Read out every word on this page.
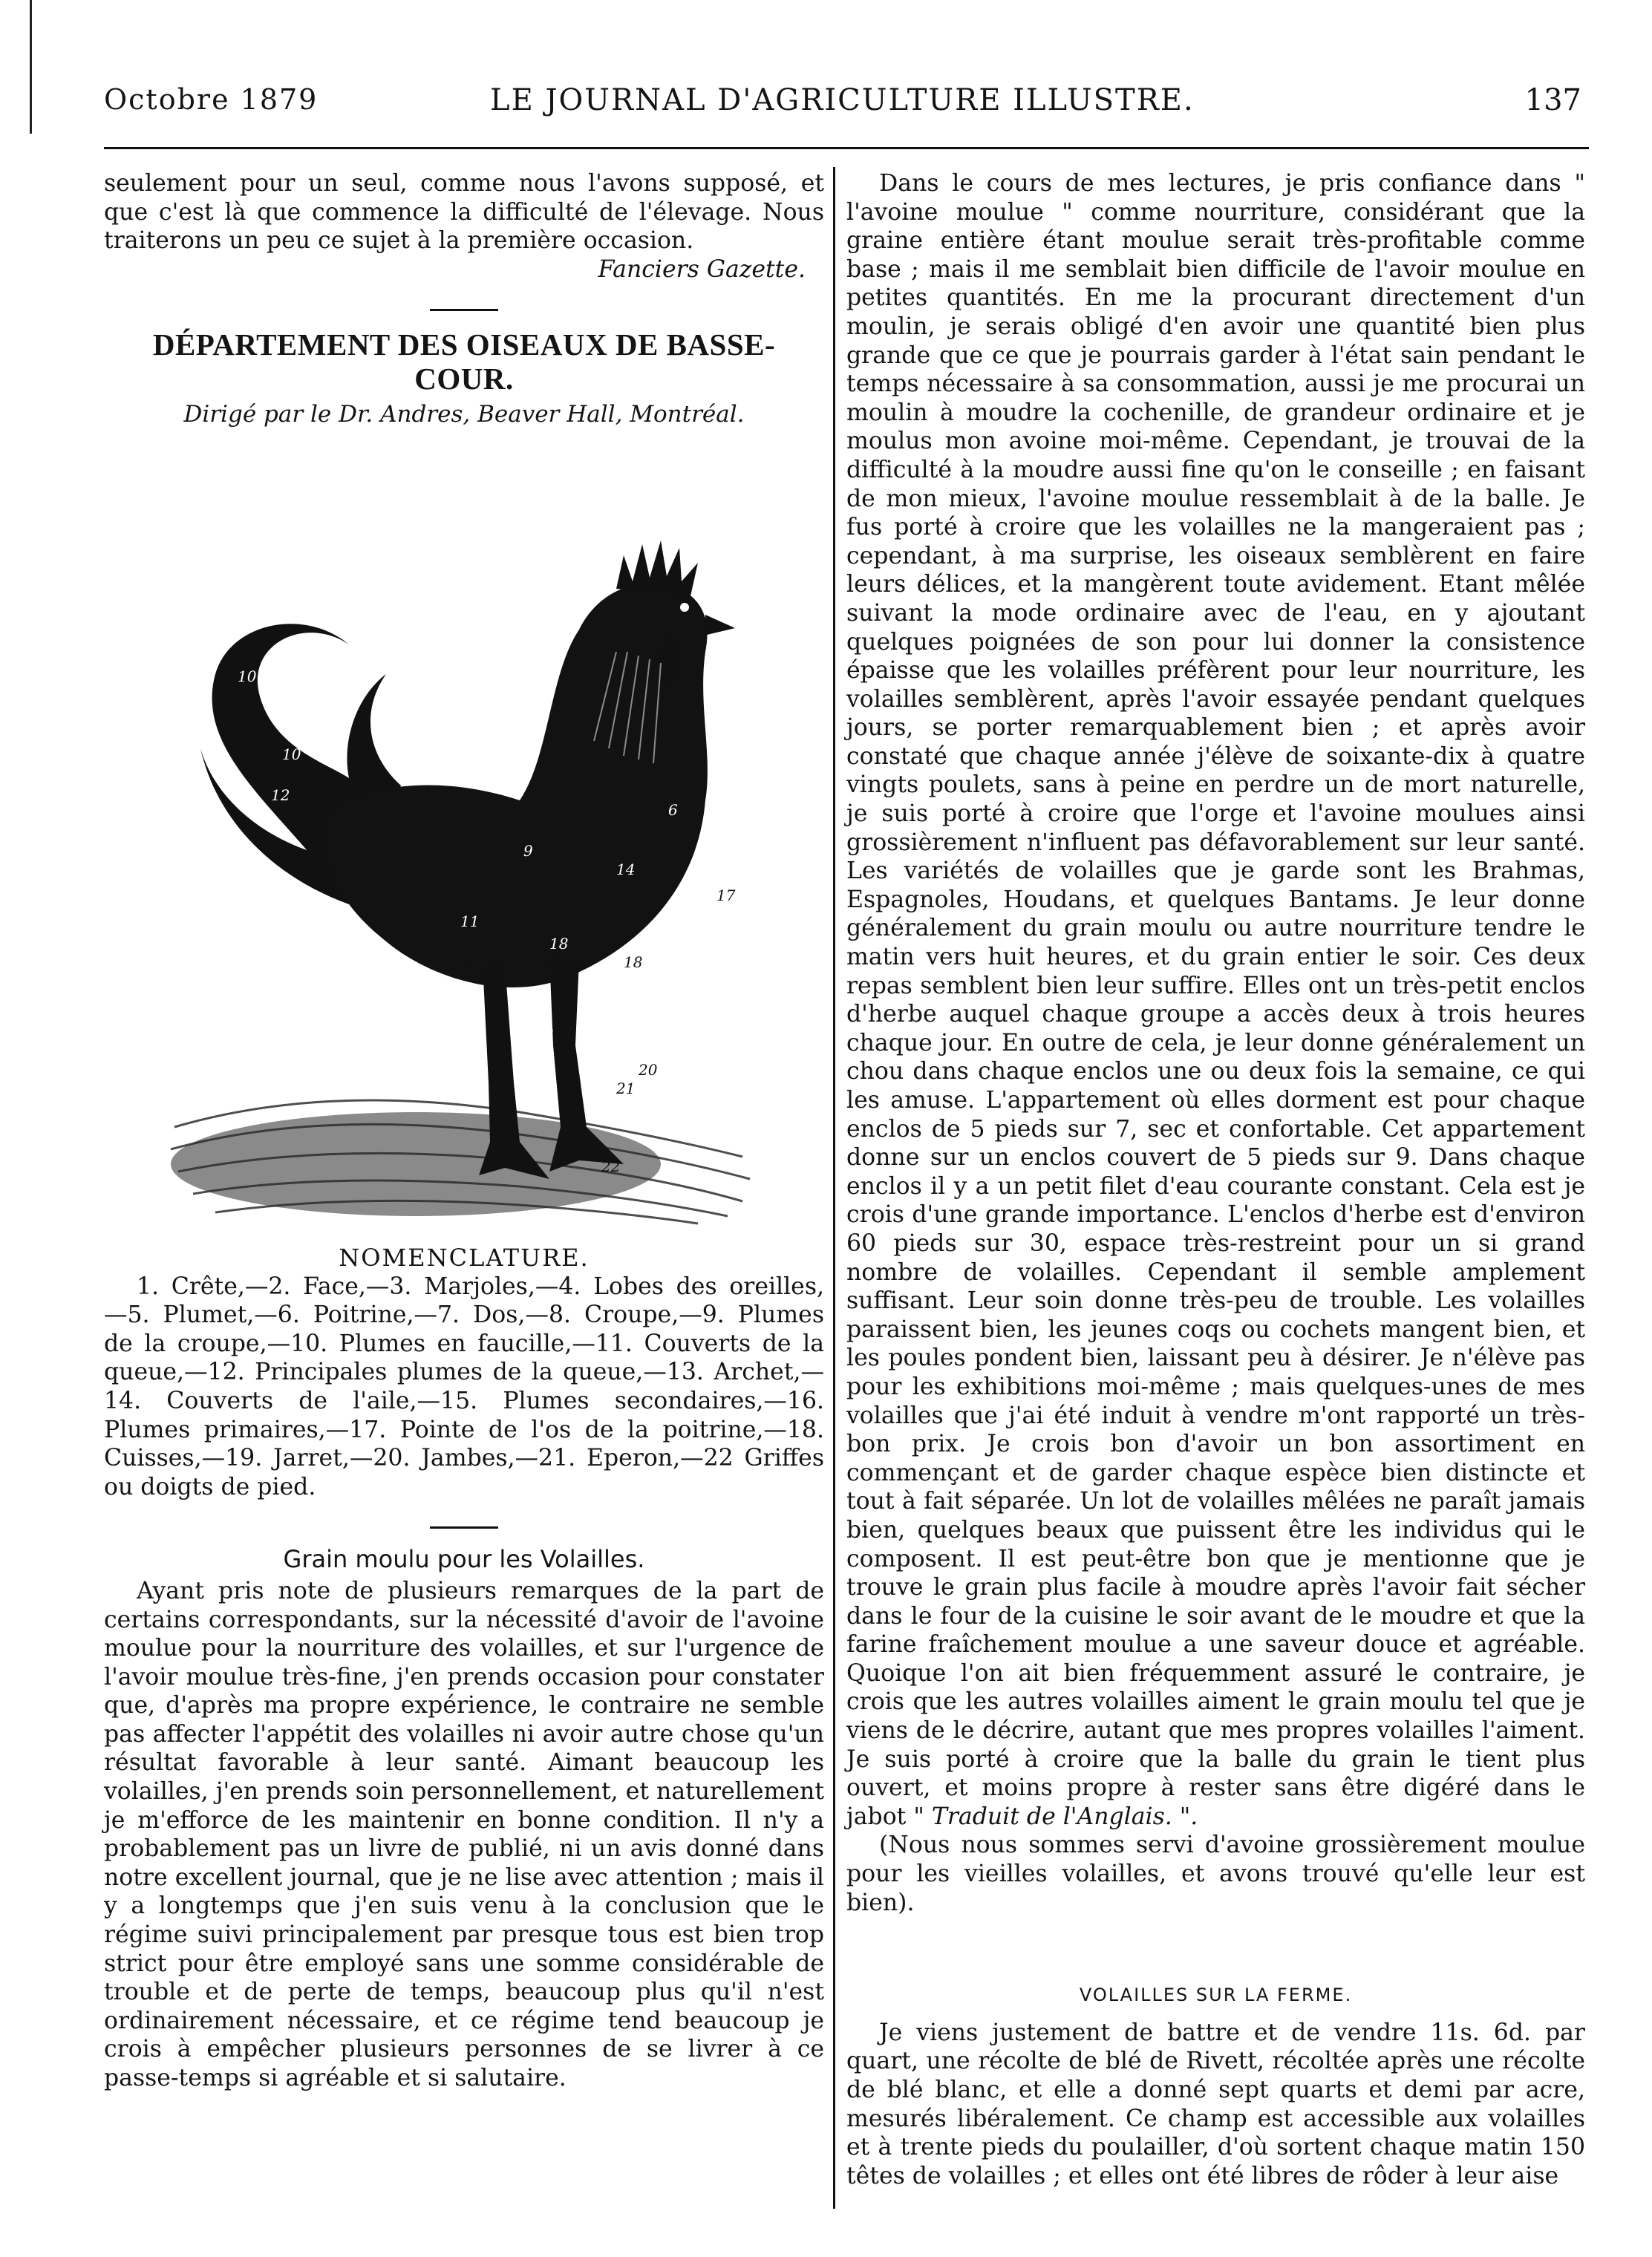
Octobre 1879	LE JOURNAL D'AGRICULTURE ILLUSTRE.	137

seulement pour un seul, comme nous l'avons supposé, et que c'est là que commence la difficulté de l'élevage. Nous traiterons un peu ce sujet à la première occasion.

Fanciers Gazette.

DÉPARTEMENT DES OISEAUX DE BASSE-COUR.
Dirigé par le Dr. Andres, Beaver Hall, Montréal.
10
12
10
12
9
14
6
11
18
19 19
7
8
17
16	18
20
21
22
NOMENCLATURE.

1. Crête,—2. Face,—3. Marjoles,—4. Lobes des oreilles, —5. Plumet,—6. Poitrine,—7. Dos,—8. Croupe,—9. Plumes de la croupe,—10. Plumes en faucille,—11. Couverts de la queue,—12. Principales plumes de la queue,—13. Archet,—14. Couverts de l'aile,—15. Plumes secondaires,—16. Plumes primaires,—17. Pointe de l'os de la poitrine,—18. Cuisses,—19. Jarret,—20. Jambes,—21. Eperon,—22 Griffes ou doigts de pied.

Grain moulu pour les Volailles.

Ayant pris note de plusieurs remarques de la part de certains correspondants, sur la nécessité d'avoir de l'avoine moulue pour la nourriture des volailles, et sur l'urgence de l'avoir moulue très-fine, j'en prends occasion pour constater que, d'après ma propre expérience, le contraire ne semble pas affecter l'appétit des volailles ni avoir autre chose qu'un résultat favorable à leur santé. Aimant beaucoup les volailles, j'en prends soin personnellement, et naturellement je m'efforce de les maintenir en bonne condition. Il n'y a probablement pas un livre de publié, ni un avis donné dans notre excellent journal, que je ne lise avec attention ; mais il y a longtemps que j'en suis venu à la conclusion que le régime suivi principalement par presque tous est bien trop strict pour être employé sans une somme considérable de trouble et de perte de temps, beaucoup plus qu'il n'est ordinairement nécessaire, et ce régime tend beaucoup je crois à empêcher plusieurs personnes de se livrer à ce passe-temps si agréable et si salutaire.

Dans le cours de mes lectures, je pris confiance dans " l'avoine moulue " comme nourriture, considérant que la graine entière étant moulue serait très-profitable comme base ; mais il me semblait bien difficile de l'avoir moulue en petites quantités. En me la procurant directement d'un moulin, je serais obligé d'en avoir une quantité bien plus grande que ce que je pourrais garder à l'état sain pendant le temps nécessaire à sa consommation, aussi je me procurai un moulin à moudre la cochenille, de grandeur ordinaire et je moulus mon avoine moi-même. Cependant, je trouvai de la difficulté à la moudre aussi fine qu'on le conseille ; en faisant de mon mieux, l'avoine moulue ressemblait à de la balle. Je fus porté à croire que les volailles ne la mangeraient pas ; cependant, à ma surprise, les oiseaux semblèrent en faire leurs délices, et la mangèrent toute avidement. Etant mêlée suivant la mode ordinaire avec de l'eau, en y ajoutant quelques poignées de son pour lui donner la consistence épaisse que les volailles préfèrent pour leur nourriture, les volailles semblèrent, après l'avoir essayée pendant quelques jours, se porter remarquablement bien ; et après avoir constaté que chaque année j'élève de soixante-dix à quatre vingts poulets, sans à peine en perdre un de mort naturelle, je suis porté à croire que l'orge et l'avoine moulues ainsi grossièrement n'influent pas défavorablement sur leur santé. Les variétés de volailles que je garde sont les Brahmas, Espagnoles, Houdans, et quelques Bantams. Je leur donne généralement du grain moulu ou autre nourriture tendre le matin vers huit heures, et du grain entier le soir. Ces deux repas semblent bien leur suffire. Elles ont un très-petit enclos d'herbe auquel chaque groupe a accès deux à trois heures chaque jour. En outre de cela, je leur donne généralement un chou dans chaque enclos une ou deux fois la semaine, ce qui les amuse. L'appartement où elles dorment est pour chaque enclos de 5 pieds sur 7, sec et confortable. Cet appartement donne sur un enclos couvert de 5 pieds sur 9. Dans chaque enclos il y a un petit filet d'eau courante constant. Cela est je crois d'une grande importance. L'enclos d'herbe est d'environ 60 pieds sur 30, espace très-restreint pour un si grand nombre de volailles. Cependant il semble amplement suffisant. Leur soin donne très-peu de trouble. Les volailles paraissent bien, les jeunes coqs ou cochets mangent bien, et les poules pondent bien, laissant peu à désirer. Je n'élève pas pour les exhibitions moi-même ; mais quelques-unes de mes volailles que j'ai été induit à vendre m'ont rapporté un très-bon prix. Je crois bon d'avoir un bon assortiment en commençant et de garder chaque espèce bien distincte et tout à fait séparée. Un lot de volailles mêlées ne paraît jamais bien, quelques beaux que puissent être les individus qui le composent. Il est peut-être bon que je mentionne que je trouve le grain plus facile à moudre après l'avoir fait sécher dans le four de la cuisine le soir avant de le moudre et que la farine fraîchement moulue a une saveur douce et agréable. Quoique l'on ait bien fréquemment assuré le contraire, je crois que les autres volailles aiment le grain moulu tel que je viens de le décrire, autant que mes propres volailles l'aiment. Je suis porté à croire que la balle du grain le tient plus ouvert, et moins propre à rester sans être digéré dans le jabot " Traduit de l'Anglais. ".

(Nous nous sommes servi d'avoine grossièrement moulue pour les vieilles volailles, et avons trouvé qu'elle leur est bien).

VOLAILLES SUR LA FERME.

Je viens justement de battre et de vendre 11s. 6d. par quart, une récolte de blé de Rivett, récoltée après une récolte de blé blanc, et elle a donné sept quarts et demi par acre, mesurés libéralement. Ce champ est accessible aux volailles et à trente pieds du poulailler, d'où sortent chaque matin 150 têtes de volailles ; et elles ont été libres de rôder à leur aise
